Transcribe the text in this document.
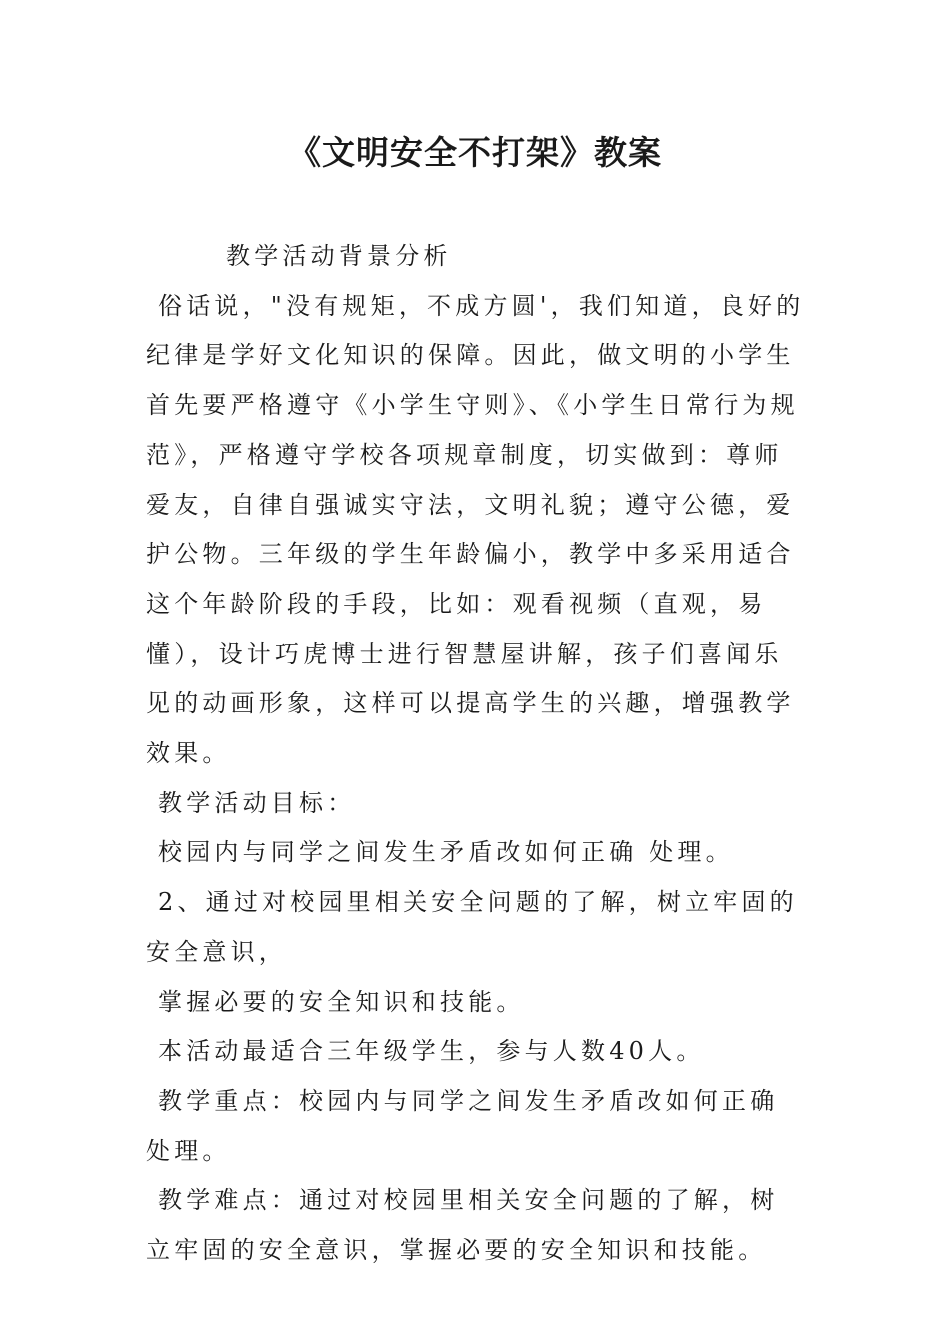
《文明安全不打架》教案

教学活动背景分析

俗话说，"没有规矩，不成方圆'，我们知道，良好的纪律是学好文化知识的保障。因此，做文明的小学生首先要严格遵守《小学生守则》、《小学生日常行为规范》，严格遵守学校各项规章制度，切实做到：尊师爱友，自律自强诚实守法，文明礼貌；遵守公德，爱护公物。三年级的学生年龄偏小，教学中多采用适合这个年龄阶段的手段，比如：观看视频（直观，易懂），设计巧虎博士进行智慧屋讲解，孩子们喜闻乐见的动画形象，这样可以提高学生的兴趣，增强教学效果。

教学活动目标：

校园内与同学之间发生矛盾改如何正确 处理。

2、通过对校园里相关安全问题的了解，树立牢固的安全意识，

掌握必要的安全知识和技能。

本活动最适合三年级学生，参与人数40人。

教学重点：校园内与同学之间发生矛盾改如何正确处理。

教学难点：通过对校园里相关安全问题的了解，树立牢固的安全意识，掌握必要的安全知识和技能。
